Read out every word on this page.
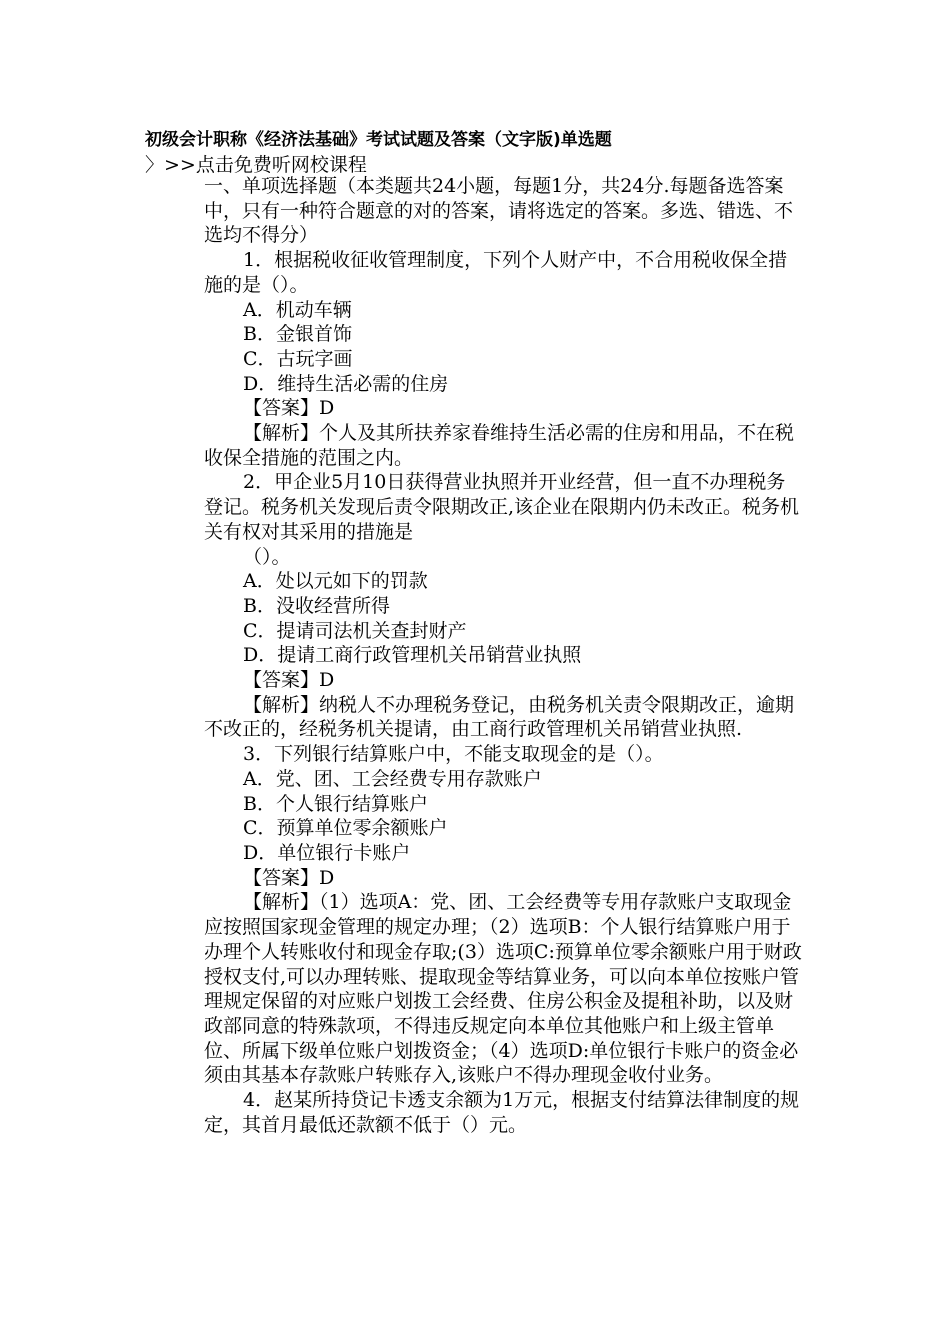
初级会计职称《经济法基础》考试试题及答案（文字版)单选题
〉>>点击免费听网校课程

一、单项选择题（本类题共24小题，每题1分，共24分.每题备选答案中，只有一种符合题意的对的答案，请将选定的答案。多选、错选、不选均不得分）

1．根据税收征收管理制度，下列个人财产中，不合用税收保全措施的是（）。

A．机动车辆

B．金银首饰

C．古玩字画

D．维持生活必需的住房

【答案】D

【解析】个人及其所扶养家眷维持生活必需的住房和用品，不在税收保全措施的范围之内。

2．甲企业5月10日获得营业执照并开业经营，但一直不办理税务登记。税务机关发现后责令限期改正,该企业在限期内仍未改正。税务机关有权对其采用的措施是

（）。

A．处以元如下的罚款

B．没收经营所得

C．提请司法机关查封财产

D．提请工商行政管理机关吊销营业执照

【答案】D

【解析】纳税人不办理税务登记，由税务机关责令限期改正，逾期不改正的，经税务机关提请，由工商行政管理机关吊销营业执照.

3．下列银行结算账户中，不能支取现金的是（）。

A．党、团、工会经费专用存款账户

B．个人银行结算账户

C．预算单位零余额账户

D．单位银行卡账户

【答案】D

【解析】（1）选项A：党、团、工会经费等专用存款账户支取现金应按照国家现金管理的规定办理；（2）选项B：个人银行结算账户用于办理个人转账收付和现金存取;(3）选项C:预算单位零余额账户用于财政授权支付,可以办理转账、提取现金等结算业务，可以向本单位按账户管理规定保留的对应账户划拨工会经费、住房公积金及提租补助，以及财政部同意的特殊款项，不得违反规定向本单位其他账户和上级主管单位、所属下级单位账户划拨资金；（4）选项D:单位银行卡账户的资金必须由其基本存款账户转账存入,该账户不得办理现金收付业务。

4．赵某所持贷记卡透支余额为1万元，根据支付结算法律制度的规定，其首月最低还款额不低于（）元。
